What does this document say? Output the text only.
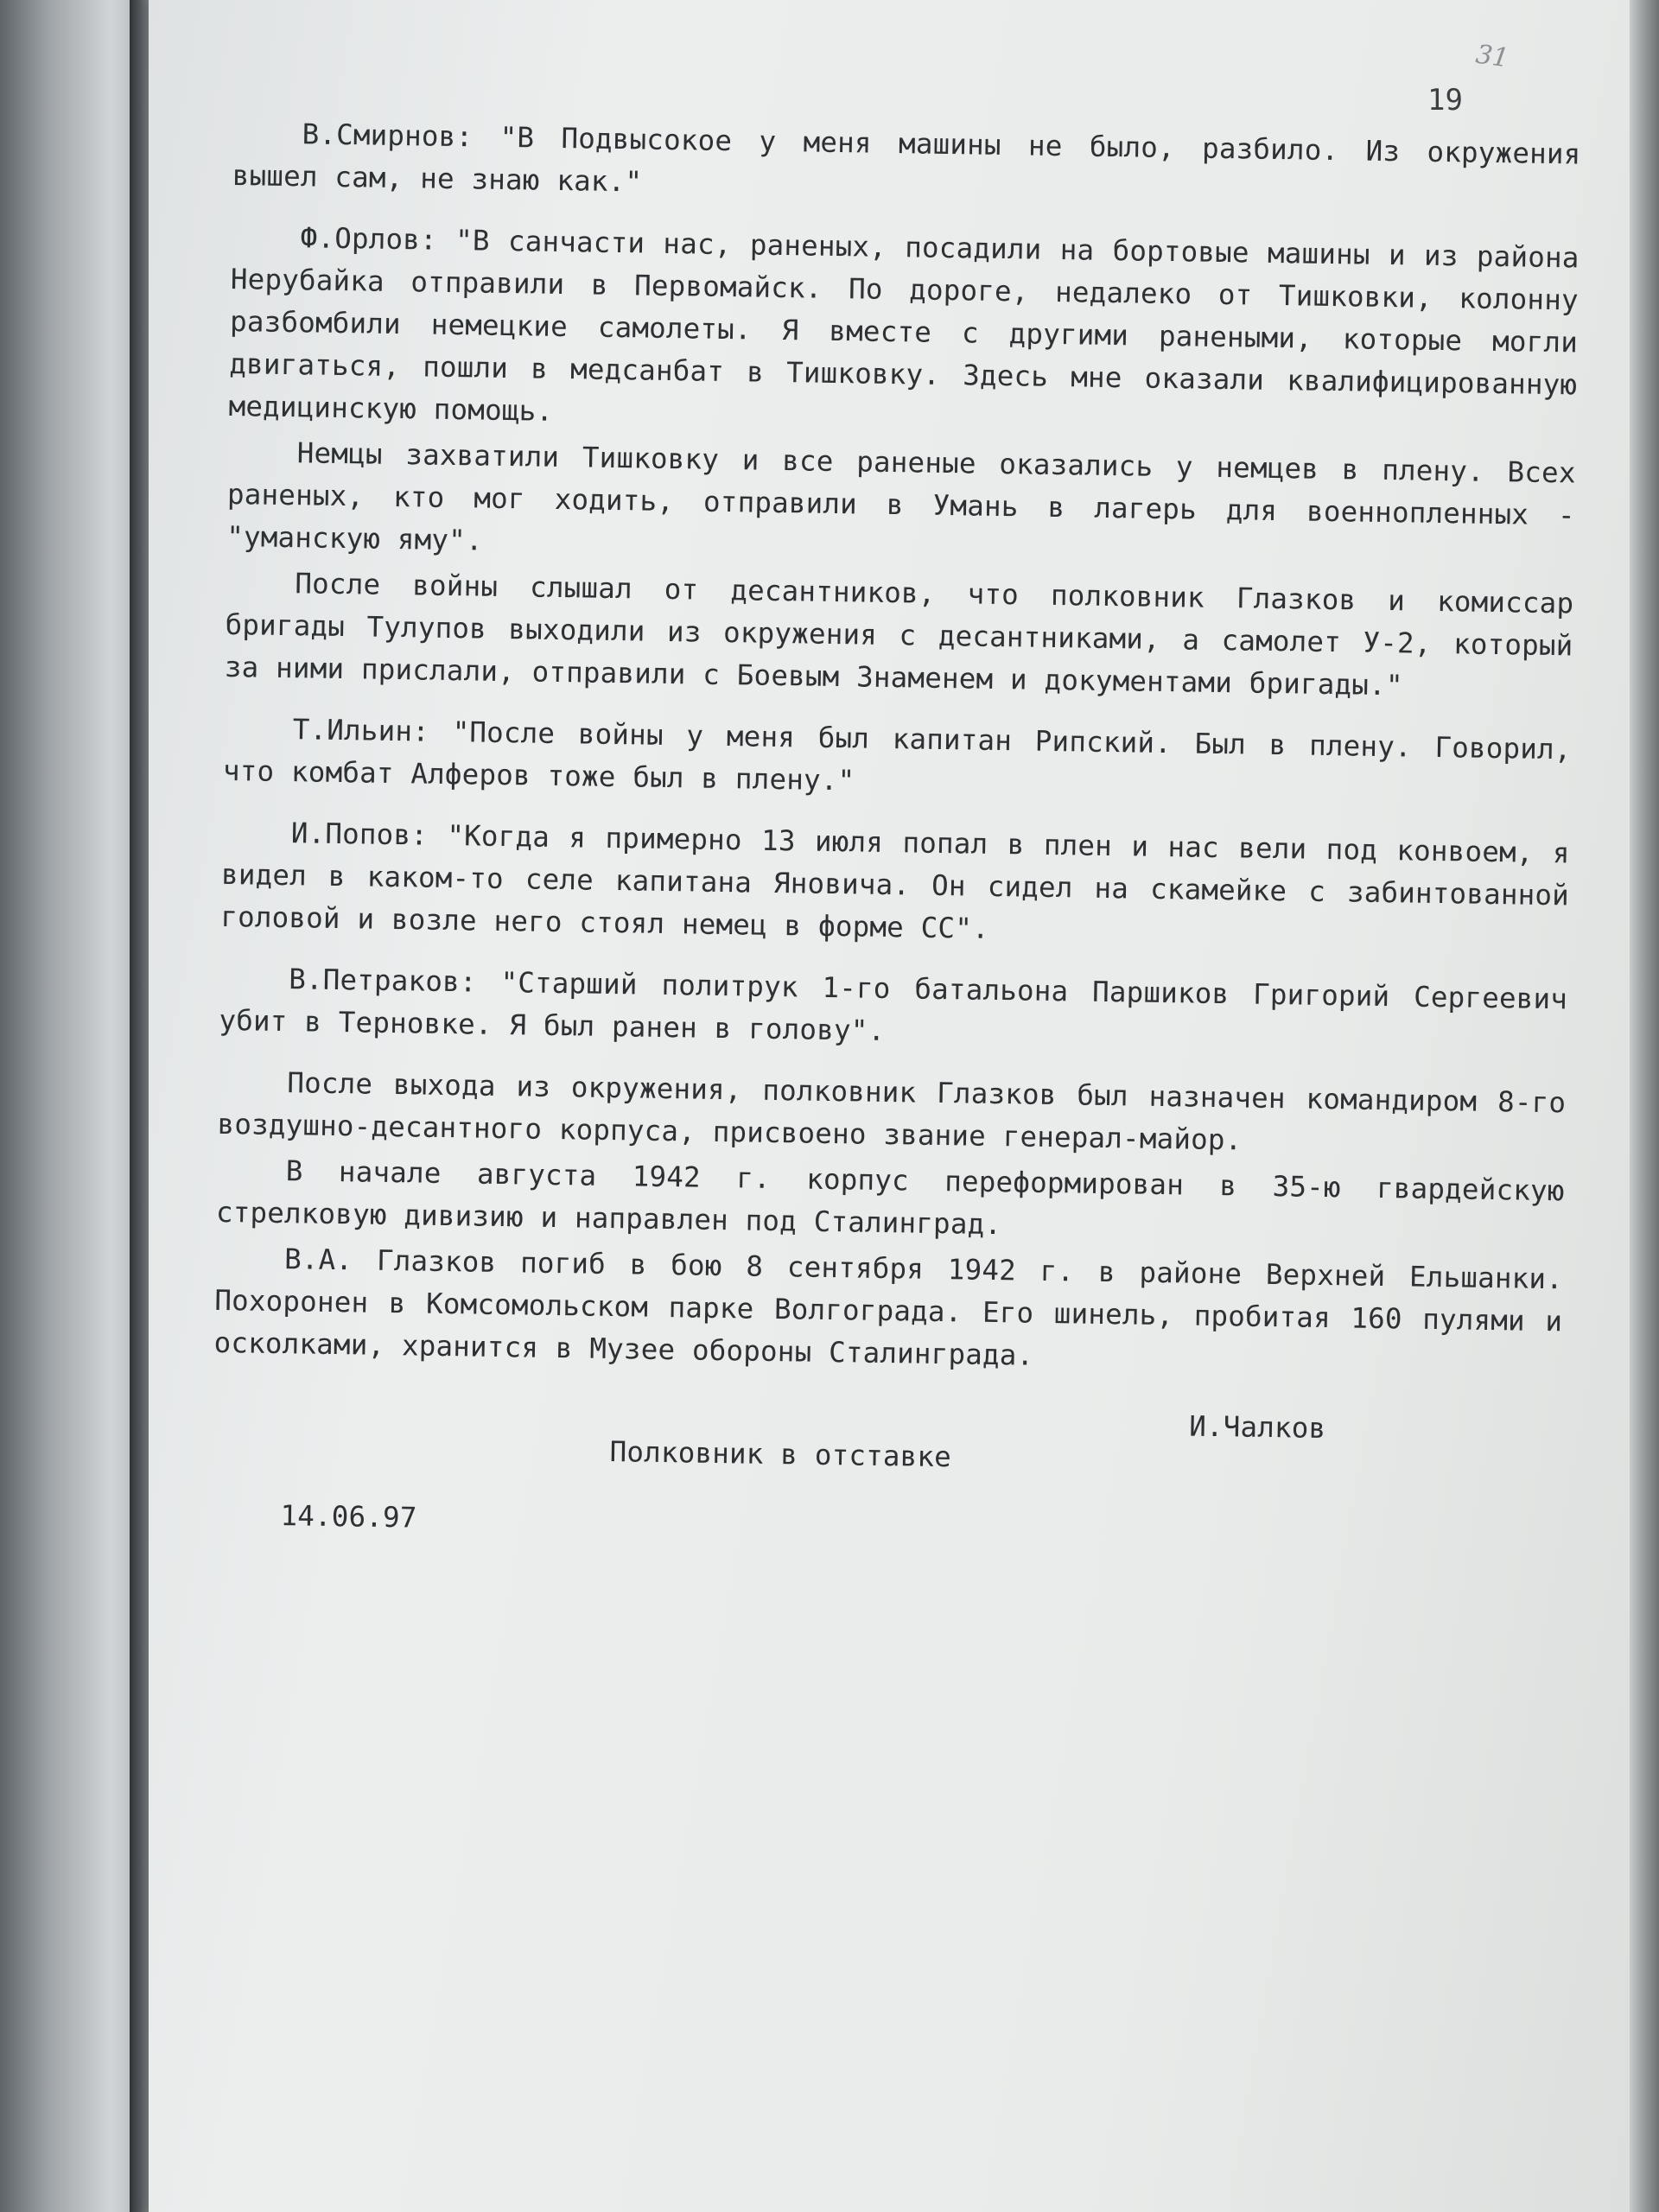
31
19

В.Смирнов: "В Подвысокое у меня машины не было, разбило. Из окружения вышел сам, не знаю как."

Ф.Орлов: "В санчасти нас, раненых, посадили на бортовые машины и из района Нерубайка отправили в Первомайск. По дороге, недалеко от Тишковки, колонну разбомбили немецкие самолеты. Я вместе с другими ранеными, которые могли двигаться, пошли в медсанбат в Тишковку. Здесь мне оказали квалифицированную медицинскую помощь.

Немцы захватили Тишковку и все раненые оказались у немцев в плену. Всех раненых, кто мог ходить, отправили в Умань в лагерь для военнопленных - "уманскую яму".

После войны слышал от десантников, что полковник Глазков и комиссар бригады Тулупов выходили из окружения с десантниками, а самолет У-2, который за ними прислали, отправили с Боевым Знаменем и документами бригады."

Т.Ильин: "После войны у меня был капитан Рипский. Был в плену. Говорил, что комбат Алферов тоже был в плену."

И.Попов: "Когда я примерно 13 июля попал в плен и нас вели под конвоем, я видел в каком-то селе капитана Яновича. Он сидел на скамейке с забинтованной головой и возле него стоял немец в форме СС".

В.Петраков: "Старший политрук 1-го батальона Паршиков Григорий Сергеевич убит в Терновке. Я был ранен в голову".

После выхода из окружения, полковник Глазков был назначен командиром 8-го воздушно-десантного корпуса, присвоено звание генерал-майор.

В начале августа 1942 г. корпус переформирован в 35-ю гвардейскую стрелковую дивизию и направлен под Сталинград.

В.А. Глазков погиб в бою 8 сентября 1942 г. в районе Верхней Ельшанки. Похоронен в Комсомольском парке Волгограда. Его шинель, пробитая 160 пулями и осколками, хранится в Музее обороны Сталинграда.

И.Чалков
Полковник в отставке
14.06.97
